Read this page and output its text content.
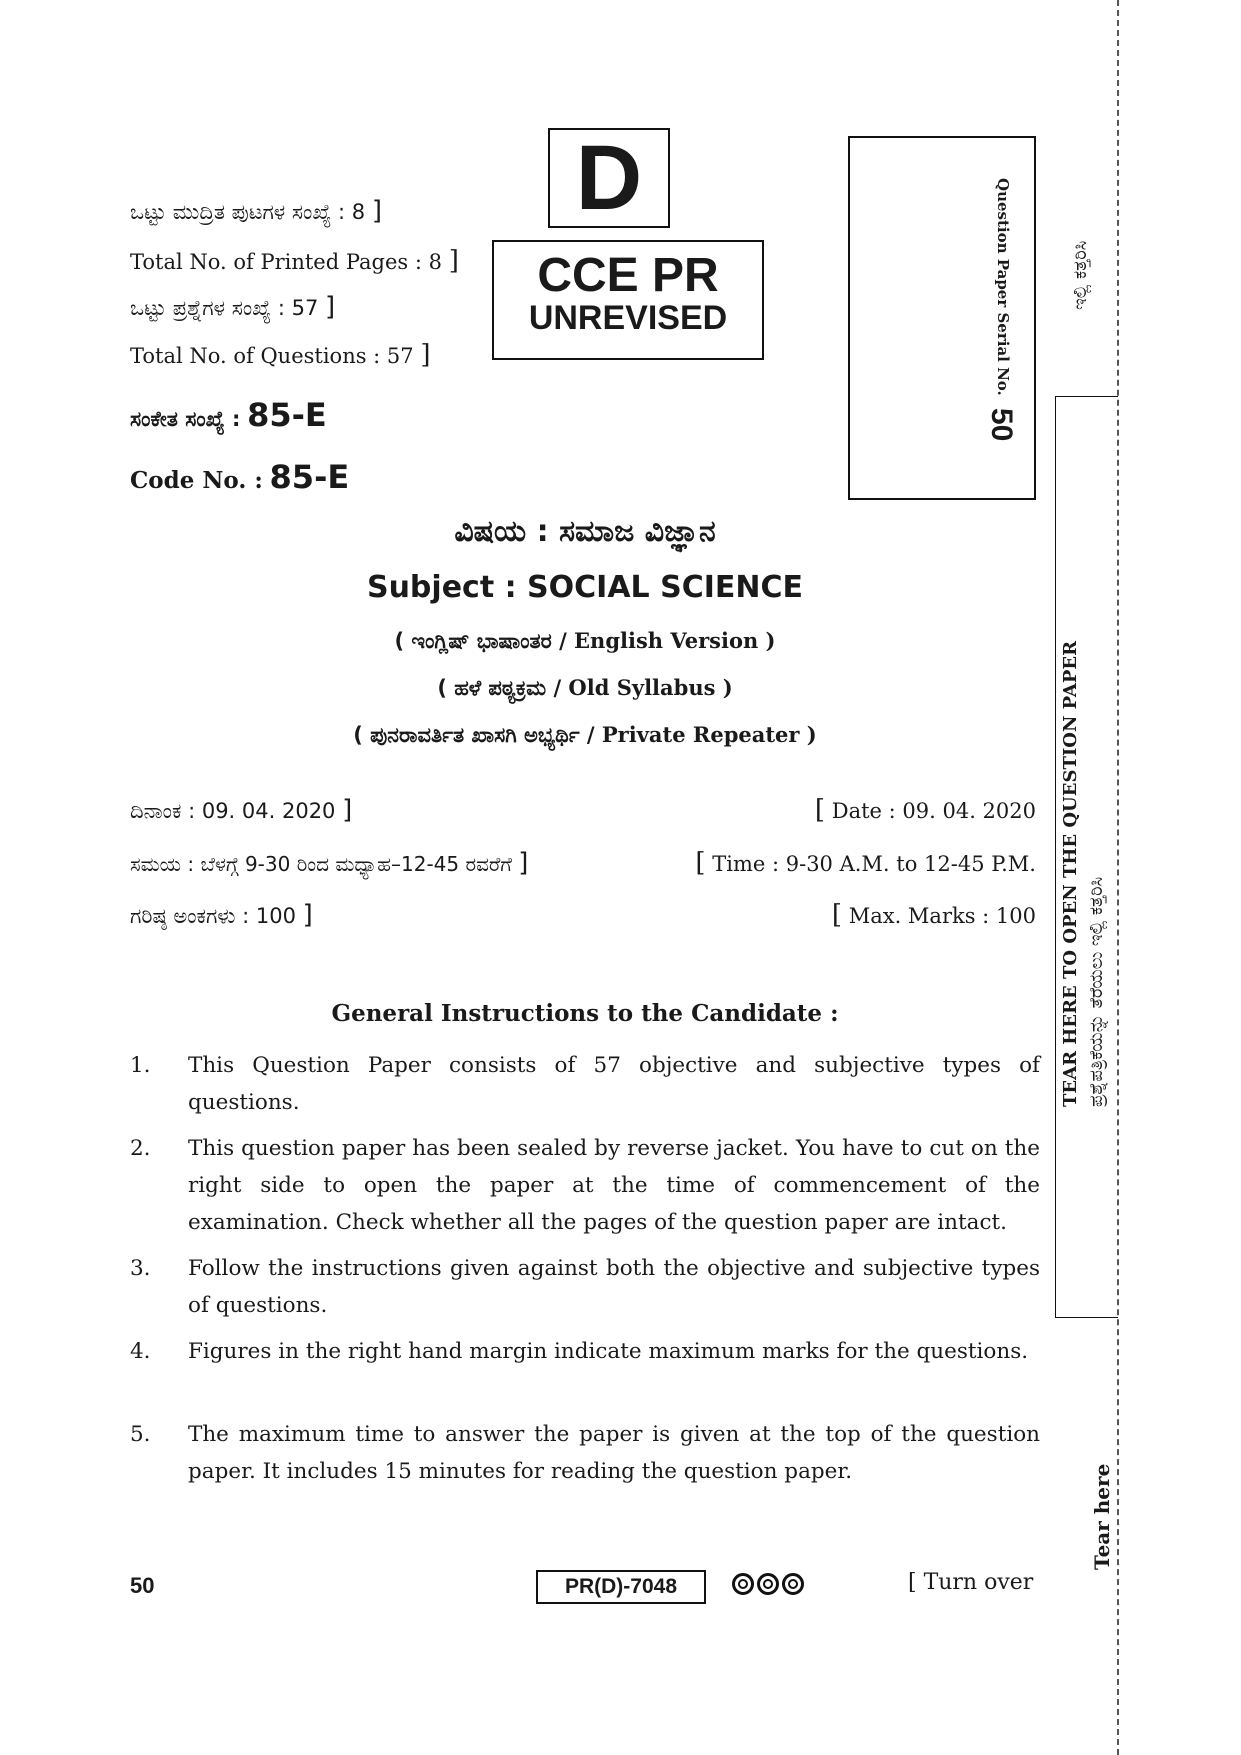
ಇಲ್ಲಿ ಕತ್ತರಿಸಿ
TEAR HERE TO OPEN THE QUESTION PAPER ಪ್ರಶ್ನೆಪತ್ರಿಕೆಯನ್ನು ತೆರೆಯಲು ಇಲ್ಲಿ ಕತ್ತರಿಸಿ
Tear here
ಒಟ್ಟು ಮುದ್ರಿತ ಪುಟಗಳ ಸಂಖ್ಯೆ : 8 ]
Total No. of Printed Pages : 8 ]
ಒಟ್ಟು ಪ್ರಶ್ನೆಗಳ ಸಂಖ್ಯೆ : 57 ]
Total No. of Questions : 57 ]
ಸಂಕೇತ ಸಂಖ್ಯೆ : 85-E
Code No. : 85-E
D
CCE PR
UNREVISED	Question Paper Serial No.
50
ವಿಷಯ : ಸಮಾಜ ವಿಜ್ಞಾನ
Subject : SOCIAL SCIENCE
( ಇಂಗ್ಲಿಷ್ ಭಾಷಾಂತರ / English Version )
( ಹಳೆ ಪಠ್ಯಕ್ರಮ / Old Syllabus )
( ಪುನರಾವರ್ತಿತ ಖಾಸಗಿ ಅಭ್ಯರ್ಥಿ / Private Repeater )
ದಿನಾಂಕ : 09. 04. 2020 ]	[ Date : 09. 04. 2020
ಸಮಯ : ಬೆಳಗ್ಗೆ 9-30 ರಿಂದ ಮಧ್ಯಾಹ–12-45 ರವರೆಗೆ ]	[ Time : 9-30 A.M. to 12-45 P.M.
ಗರಿಷ್ಠ ಅಂಕಗಳು : 100 ]	[ Max. Marks : 100
General Instructions to the Candidate :
1. This Question Paper consists of 57 objective and subjective types of questions.
2. This question paper has been sealed by reverse jacket. You have to cut on the right side to open the paper at the time of commencement of the examination. Check whether all the pages of the question paper are intact.
3. Follow the instructions given against both the objective and subjective types of questions.
4. Figures in the right hand margin indicate maximum marks for the questions.
5. The maximum time to answer the paper is given at the top of the question paper. It includes 15 minutes for reading the question paper.
50	PR(D)-7048	[ Turn over
